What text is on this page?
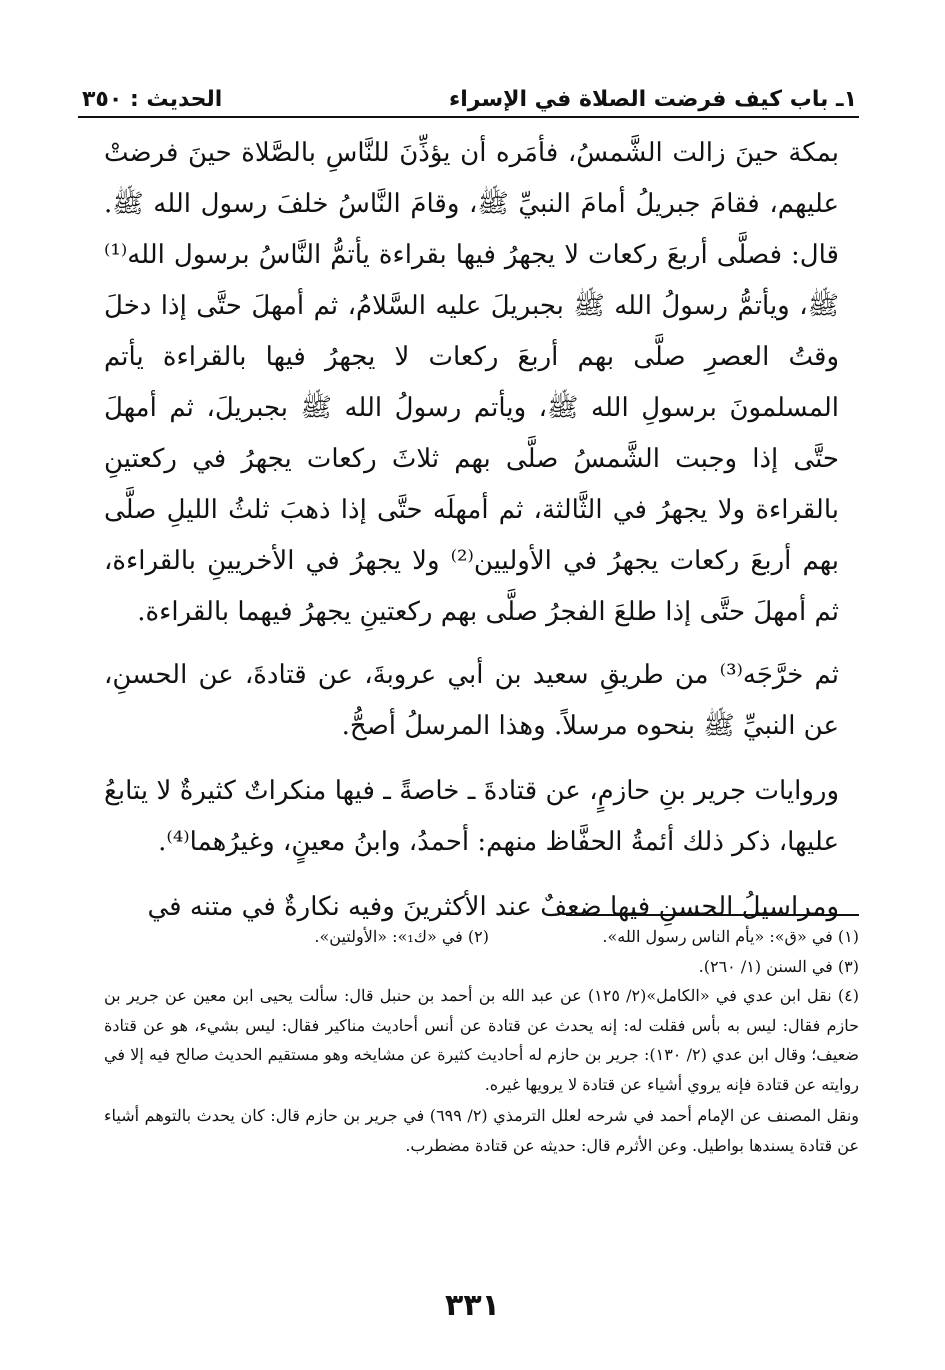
١ـ باب كيف فرضت الصلاة في الإسراء
الحديث : ٣٥٠

بمكة حينَ زالت الشَّمسُ، فأمَره أن يؤذِّنَ للنَّاسِ بالصَّلاة حينَ فرضتْ عليهم، فقامَ جبريلُ أمامَ النبيِّ ﷺ، وقامَ النَّاسُ خلفَ رسول الله ﷺ. قال: فصلَّى أربعَ ركعات لا يجهرُ فيها بقراءة يأتمُّ النَّاسُ برسول الله⁽¹⁾ ﷺ، ويأتمُّ رسولُ الله ﷺ بجبريلَ عليه السَّلامُ، ثم أمهلَ حتَّى إذا دخلَ وقتُ العصرِ صلَّى بهم أربعَ ركعات لا يجهرُ فيها بالقراءة يأتم المسلمونَ برسولِ الله ﷺ، ويأتم رسولُ الله ﷺ بجبريلَ، ثم أمهلَ حتَّى إذا وجبت الشَّمسُ صلَّى بهم ثلاثَ ركعات يجهرُ في ركعتينِ بالقراءة ولا يجهرُ في الثَّالثة، ثم أمهلَه حتَّى إذا ذهبَ ثلثُ الليلِ صلَّى بهم أربعَ ركعات يجهرُ في الأوليين⁽²⁾ ولا يجهرُ في الأخريينِ بالقراءة، ثم أمهلَ حتَّى إذا طلعَ الفجرُ صلَّى بهم ركعتينِ يجهرُ فيهما بالقراءة.

ثم خرَّجَه⁽³⁾ من طريقِ سعيد بن أبي عروبةَ، عن قتادةَ، عن الحسنِ، عن النبيِّ ﷺ بنحوه مرسلاً. وهذا المرسلُ أصحُّ.

وروايات جرير بنِ حازمٍ، عن قتادةَ ـ خاصةً ـ فيها منكراتٌ كثيرةٌ لا يتابعُ عليها، ذكر ذلك أئمةُ الحفَّاظ منهم: أحمدُ، وابنُ معينٍ، وغيرُهما⁽⁴⁾.

ومراسيلُ الحسنِ فيها ضعفٌ عند الأكثرينَ وفيه نكارةٌ في متنه في

(١) في «ق»: «يأم الناس رسول الله».
(٢) في «ك₁»: «الأولتين».
(٣) في السنن (١/ ٢٦٠).

(٤) نقل ابن عدي في «الكامل»(٢/ ١٢٥) عن عبد الله بن أحمد بن حنبل قال: سألت يحيى ابن معين عن جرير بن حازم فقال: ليس به بأس فقلت له: إنه يحدث عن قتادة عن أنس أحاديث مناكير فقال: ليس بشيء، هو عن قتادة ضعيف؛ وقال ابن عدي (٢/ ١٣٠): جرير بن حازم له أحاديث كثيرة عن مشايخه وهو مستقيم الحديث صالح فيه إلا في روايته عن قتادة فإنه يروي أشياء عن قتادة لا يرويها غيره.

ونقل المصنف عن الإمام أحمد في شرحه لعلل الترمذي (٢/ ٦٩٩) في جرير بن حازم قال: كان يحدث بالتوهم أشياء عن قتادة يسندها بواطيل. وعن الأثرم قال: حديثه عن قتادة مضطرب.

٣٣١
